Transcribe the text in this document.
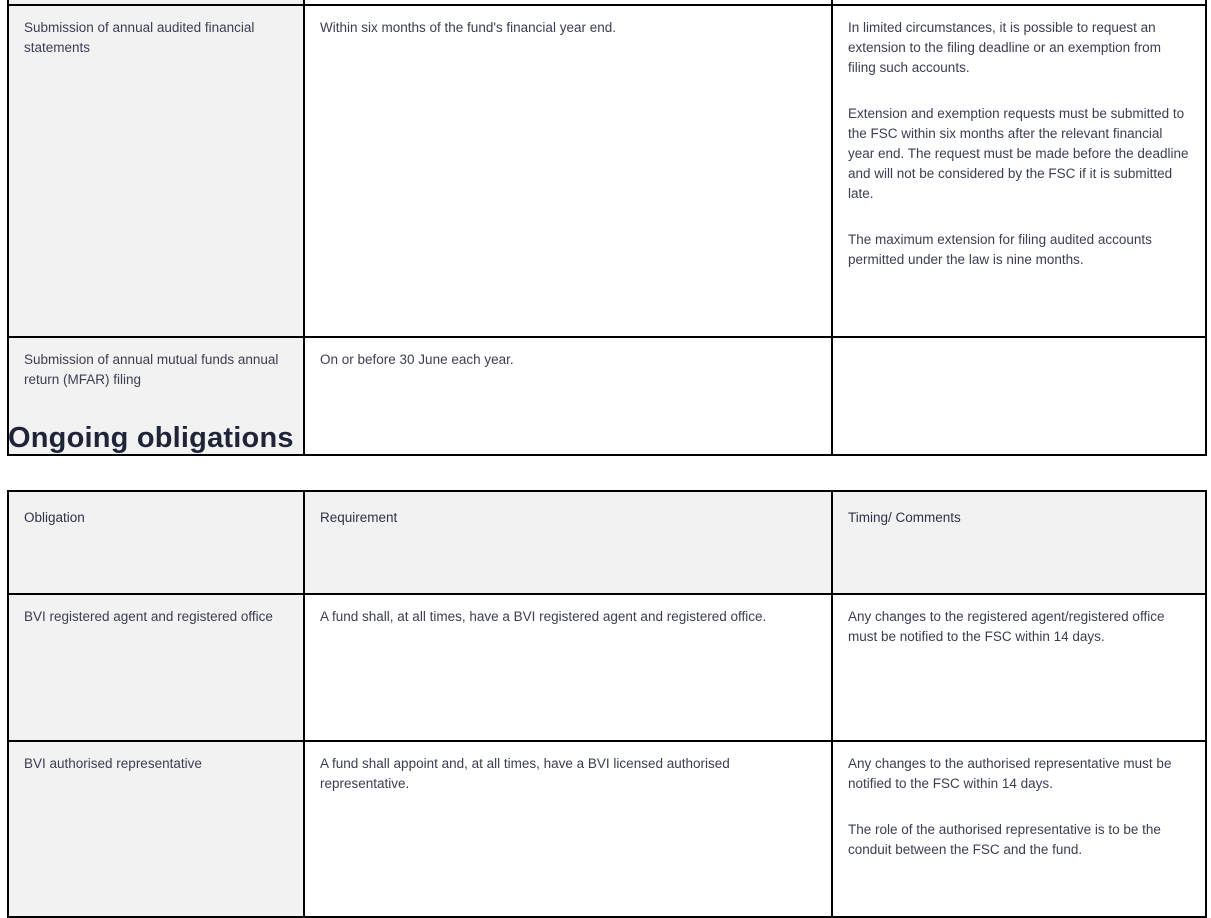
Submission of annual audited financial statements	Within six months of the fund's financial year end.	In limited circumstances, it is possible to request an extension to the filing deadline or an exemption from filing such accounts.

Extension and exemption requests must be submitted to the FSC within six months after the relevant financial year end. The request must be made before the deadline and will not be considered by the FSC if it is submitted late.

The maximum extension for filing audited accounts permitted under the law is nine months.

Submission of annual mutual funds annual return (MFAR) filing	On or before 30 June each year.	

Ongoing obligations
Obligation	Requirement	Timing/ Comments

BVI registered agent and registered office	A fund shall, at all times, have a BVI registered agent and registered office.	Any changes to the registered agent/registered office must be notified to the FSC within 14 days.

BVI authorised representative	A fund shall appoint and, at all times, have a BVI licensed authorised representative.	Any changes to the authorised representative must be notified to the FSC within 14 days.

The role of the authorised representative is to be the conduit between the FSC and the fund.
